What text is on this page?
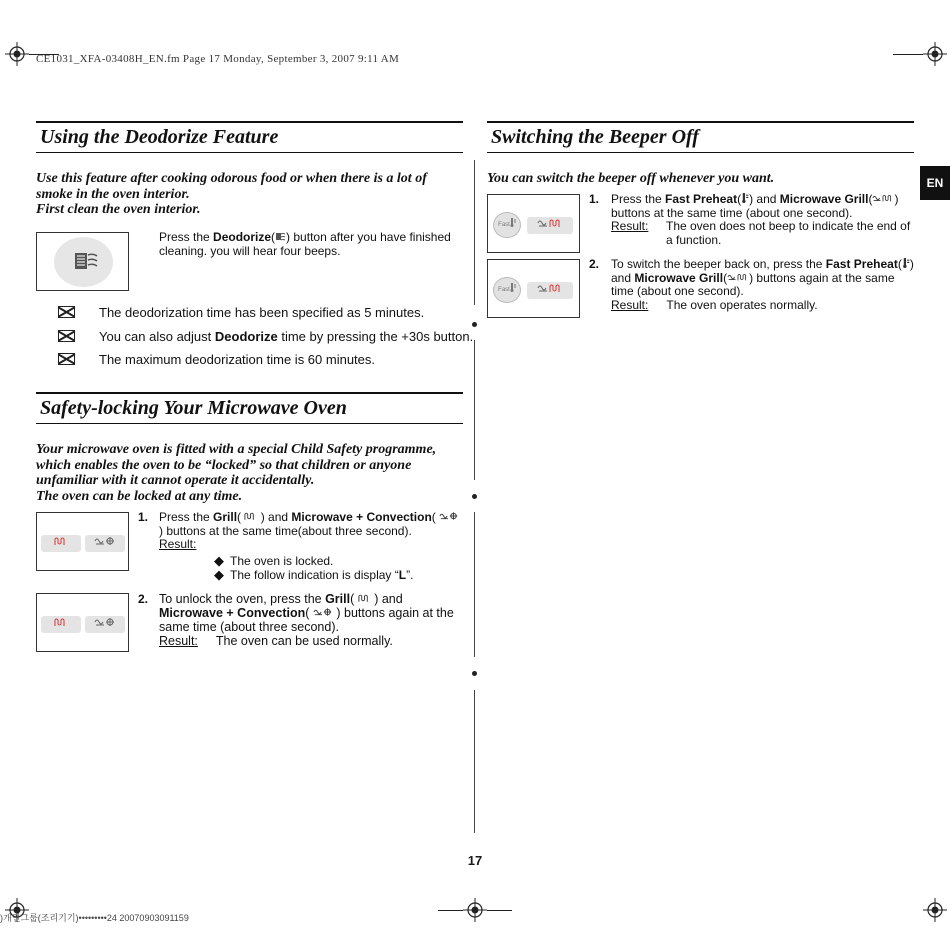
CE1031_XFA-03408H_EN.fm Page 17 Monday, September 3, 2007 9:11 AM
EN
Using the Deodorize Feature
Use this feature after cooking odorous food or when there is a lot of smoke in the oven interior.
First clean the oven interior.
Press the Deodorize( ) button after you have finished cleaning. you will hear four beeps.
The deodorization time has been specified as 5 minutes.
You can also adjust Deodorize time by pressing the +30s button.
The maximum deodorization time is 60 minutes.
Safety-locking Your Microwave Oven
Your microwave oven is fitted with a special Child Safety programme, which enables the oven to be “locked” so that children or anyone unfamiliar with it cannot operate it accidentally.
The oven can be locked at any time.
1. Press the Grill(  ) and Microwave + Convection(  ) buttons at the same time(about three second).
Result:
◆ The oven is locked.
◆ The follow indication is display “L”.
2. To unlock the oven, press the Grill(  ) and Microwave + Convection(  ) buttons again at the same time (about three second).
Result: The oven can be used normally.
Switching the Beeper Off
You can switch the beeper off whenever you want.
Fast
1. Press the Fast Preheat( ) and Microwave Grill( ) buttons at the same time (about one second).
Result: The oven does not beep to indicate the end of a function.
Fast
2. To switch the beeper back on, press the Fast Preheat( ) and Microwave Grill( ) buttons again at the same time (about one second).
Result: The oven operates normally.
17
)개인그룹(조리기기)•••••••••24 20070903091159
